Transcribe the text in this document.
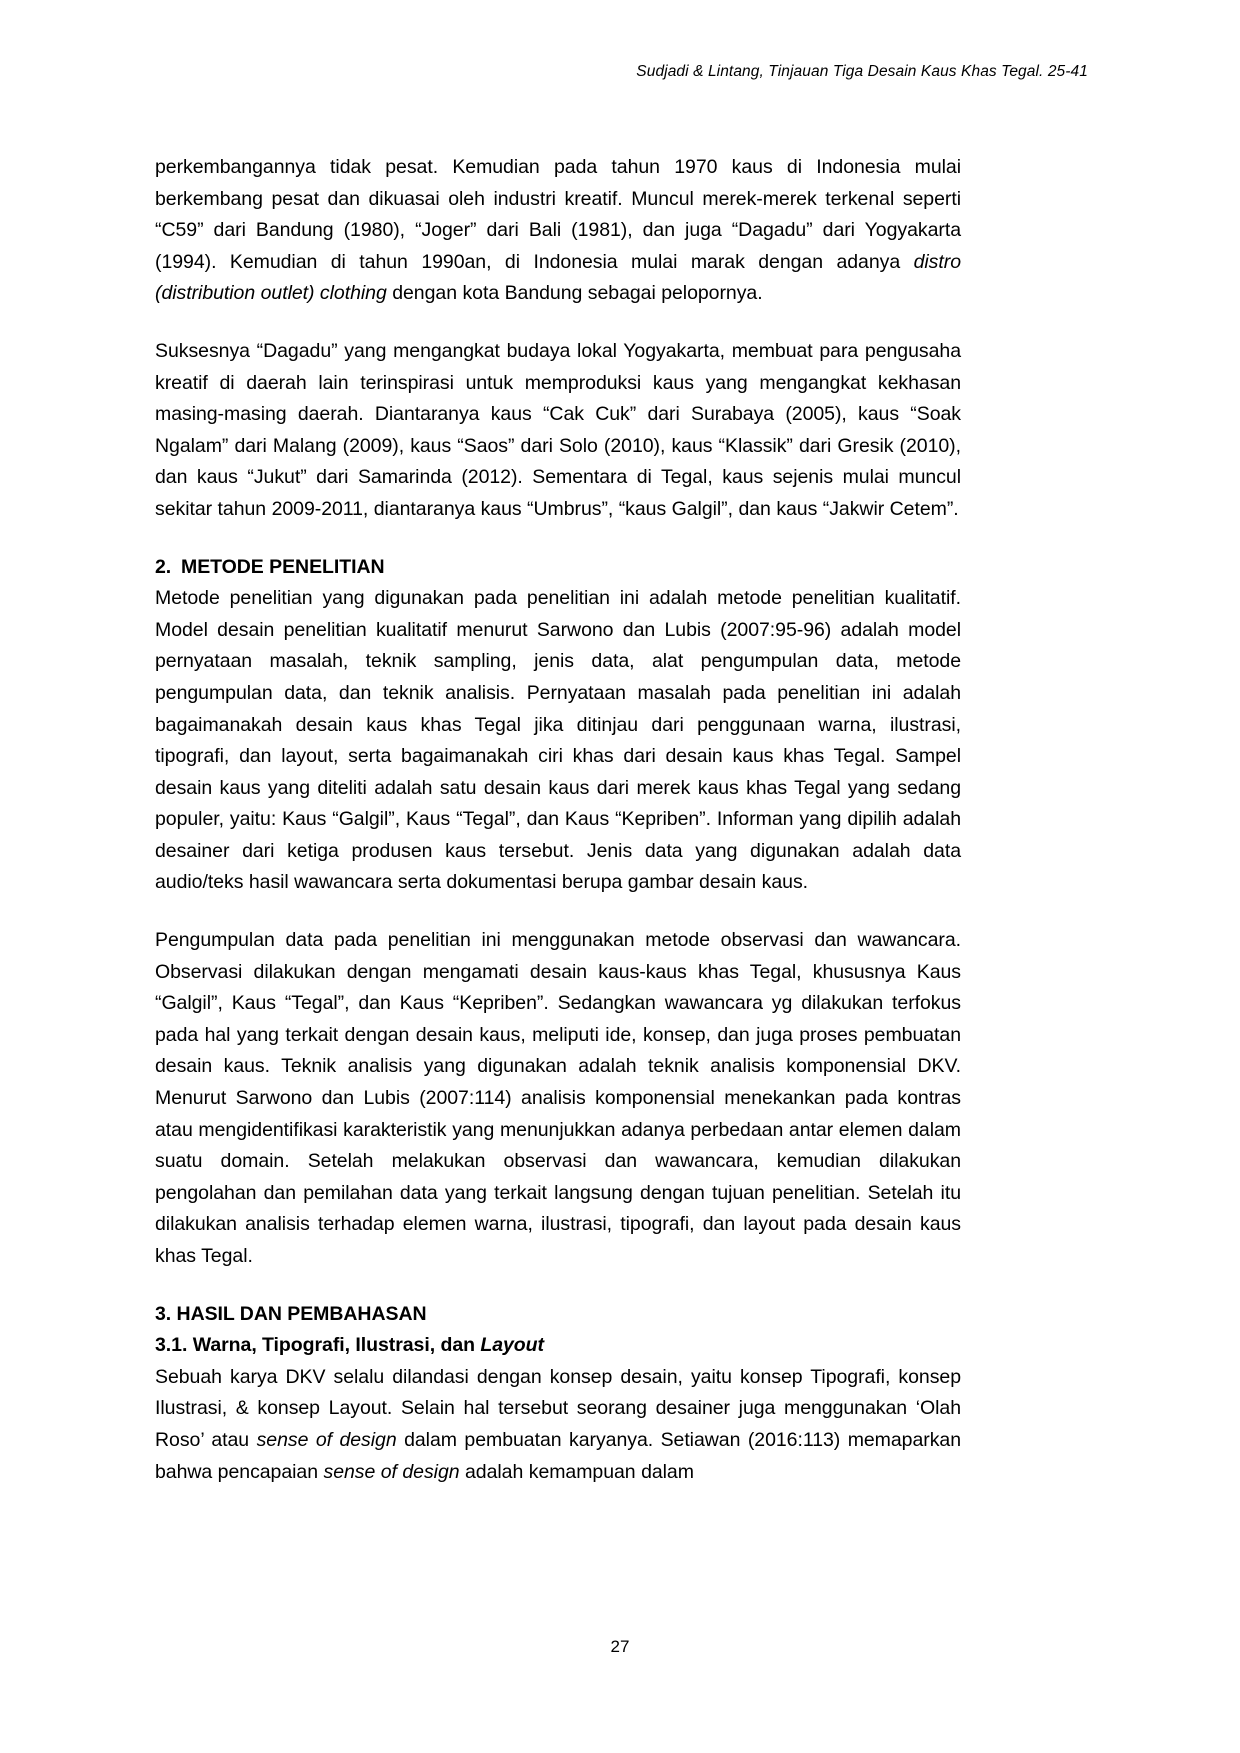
Sudjadi & Lintang, Tinjauan Tiga Desain Kaus Khas Tegal. 25-41

perkembangannya tidak pesat. Kemudian pada tahun 1970 kaus di Indonesia mulai berkembang pesat dan dikuasai oleh industri kreatif. Muncul merek-merek terkenal seperti “C59” dari Bandung (1980), “Joger” dari Bali (1981), dan juga “Dagadu” dari Yogyakarta (1994). Kemudian di tahun 1990an, di Indonesia mulai marak dengan adanya distro (distribution outlet) clothing dengan kota Bandung sebagai pelopornya.

Suksesnya “Dagadu” yang mengangkat budaya lokal Yogyakarta, membuat para pengusaha kreatif di daerah lain terinspirasi untuk memproduksi kaus yang mengangkat kekhasan masing-masing daerah. Diantaranya kaus “Cak Cuk” dari Surabaya (2005), kaus “Soak Ngalam” dari Malang (2009), kaus “Saos” dari Solo (2010), kaus “Klassik” dari Gresik (2010), dan kaus “Jukut” dari Samarinda (2012). Sementara di Tegal, kaus sejenis mulai muncul sekitar tahun 2009-2011, diantaranya kaus “Umbrus”, “kaus Galgil”, dan kaus “Jakwir Cetem”.

2. METODE PENELITIAN

Metode penelitian yang digunakan pada penelitian ini adalah metode penelitian kualitatif. Model desain penelitian kualitatif menurut Sarwono dan Lubis (2007:95-96) adalah model pernyataan masalah, teknik sampling, jenis data, alat pengumpulan data, metode pengumpulan data, dan teknik analisis. Pernyataan masalah pada penelitian ini adalah bagaimanakah desain kaus khas Tegal jika ditinjau dari penggunaan warna, ilustrasi, tipografi, dan layout, serta bagaimanakah ciri khas dari desain kaus khas Tegal. Sampel desain kaus yang diteliti adalah satu desain kaus dari merek kaus khas Tegal yang sedang populer, yaitu: Kaus “Galgil”, Kaus “Tegal”, dan Kaus “Kepriben”. Informan yang dipilih adalah desainer dari ketiga produsen kaus tersebut. Jenis data yang digunakan adalah data audio/teks hasil wawancara serta dokumentasi berupa gambar desain kaus.

Pengumpulan data pada penelitian ini menggunakan metode observasi dan wawancara. Observasi dilakukan dengan mengamati desain kaus-kaus khas Tegal, khususnya Kaus “Galgil”, Kaus “Tegal”, dan Kaus “Kepriben”. Sedangkan wawancara yg dilakukan terfokus pada hal yang terkait dengan desain kaus, meliputi ide, konsep, dan juga proses pembuatan desain kaus. Teknik analisis yang digunakan adalah teknik analisis komponensial DKV. Menurut Sarwono dan Lubis (2007:114) analisis komponensial menekankan pada kontras atau mengidentifikasi karakteristik yang menunjukkan adanya perbedaan antar elemen dalam suatu domain. Setelah melakukan observasi dan wawancara, kemudian dilakukan pengolahan dan pemilahan data yang terkait langsung dengan tujuan penelitian. Setelah itu dilakukan analisis terhadap elemen warna, ilustrasi, tipografi, dan layout pada desain kaus khas Tegal.

3. HASIL DAN PEMBAHASAN
3.1. Warna, Tipografi, Ilustrasi, dan Layout

Sebuah karya DKV selalu dilandasi dengan konsep desain, yaitu konsep Tipografi, konsep Ilustrasi, & konsep Layout. Selain hal tersebut seorang desainer juga menggunakan ‘Olah Roso’ atau sense of design dalam pembuatan karyanya. Setiawan (2016:113) memaparkan bahwa pencapaian sense of design adalah kemampuan dalam

27
